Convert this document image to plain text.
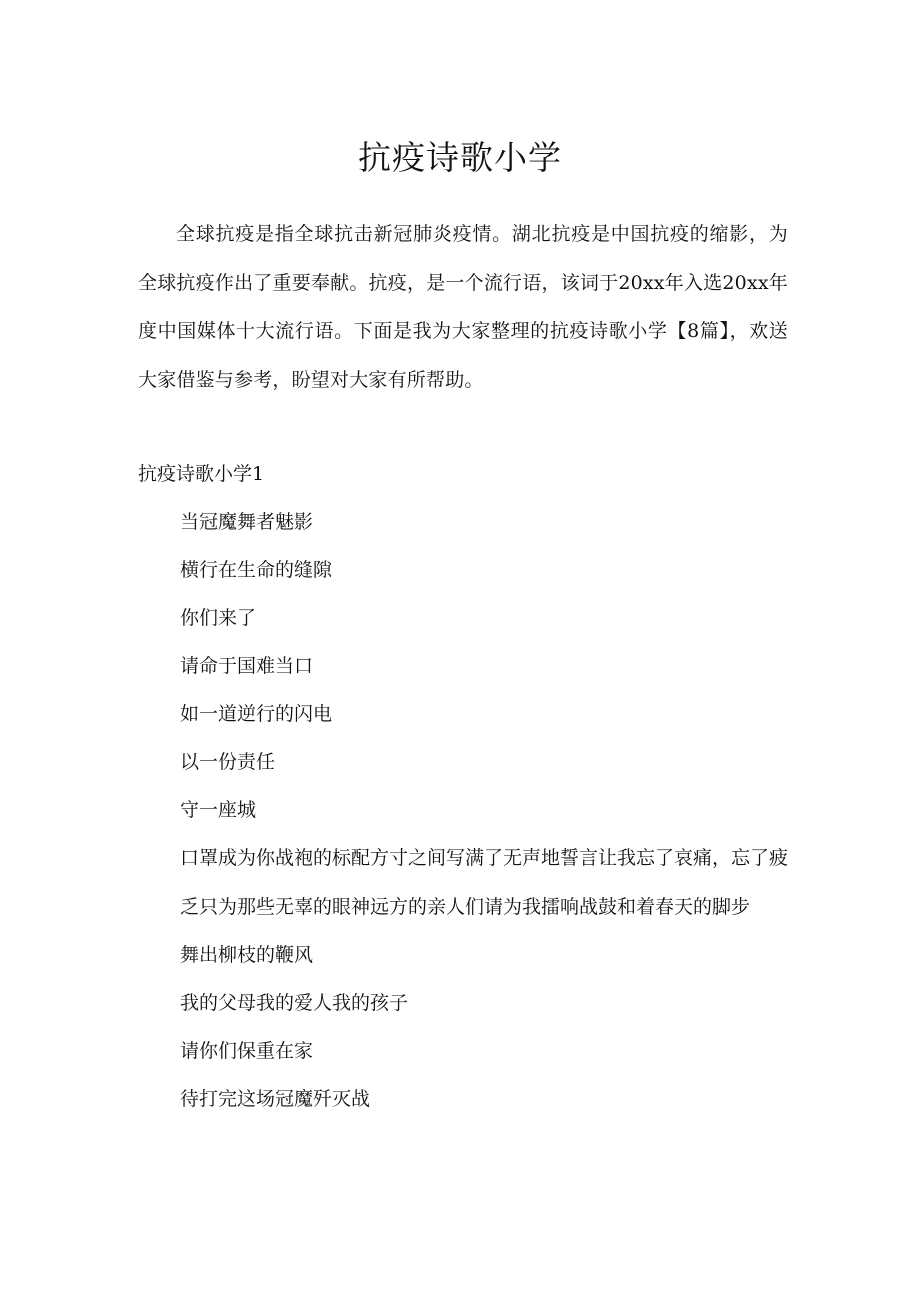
抗疫诗歌小学

全球抗疫是指全球抗击新冠肺炎疫情。湖北抗疫是中国抗疫的缩影，为全球抗疫作出了重要奉献。抗疫，是一个流行语，该词于20xx年入选20xx年度中国媒体十大流行语。下面是我为大家整理的抗疫诗歌小学【8篇】，欢送大家借鉴与参考，盼望对大家有所帮助。

抗疫诗歌小学1
当冠魔舞者魅影
横行在生命的缝隙
你们来了
请命于国难当口
如一道逆行的闪电
以一份责任
守一座城
口罩成为你战袍的标配方寸之间写满了无声地誓言让我忘了哀痛，忘了疲乏只为那些无辜的眼神远方的亲人们请为我擂响战鼓和着春天的脚步
舞出柳枝的鞭风
我的父母我的爱人我的孩子
请你们保重在家
待打完这场冠魔歼灭战
